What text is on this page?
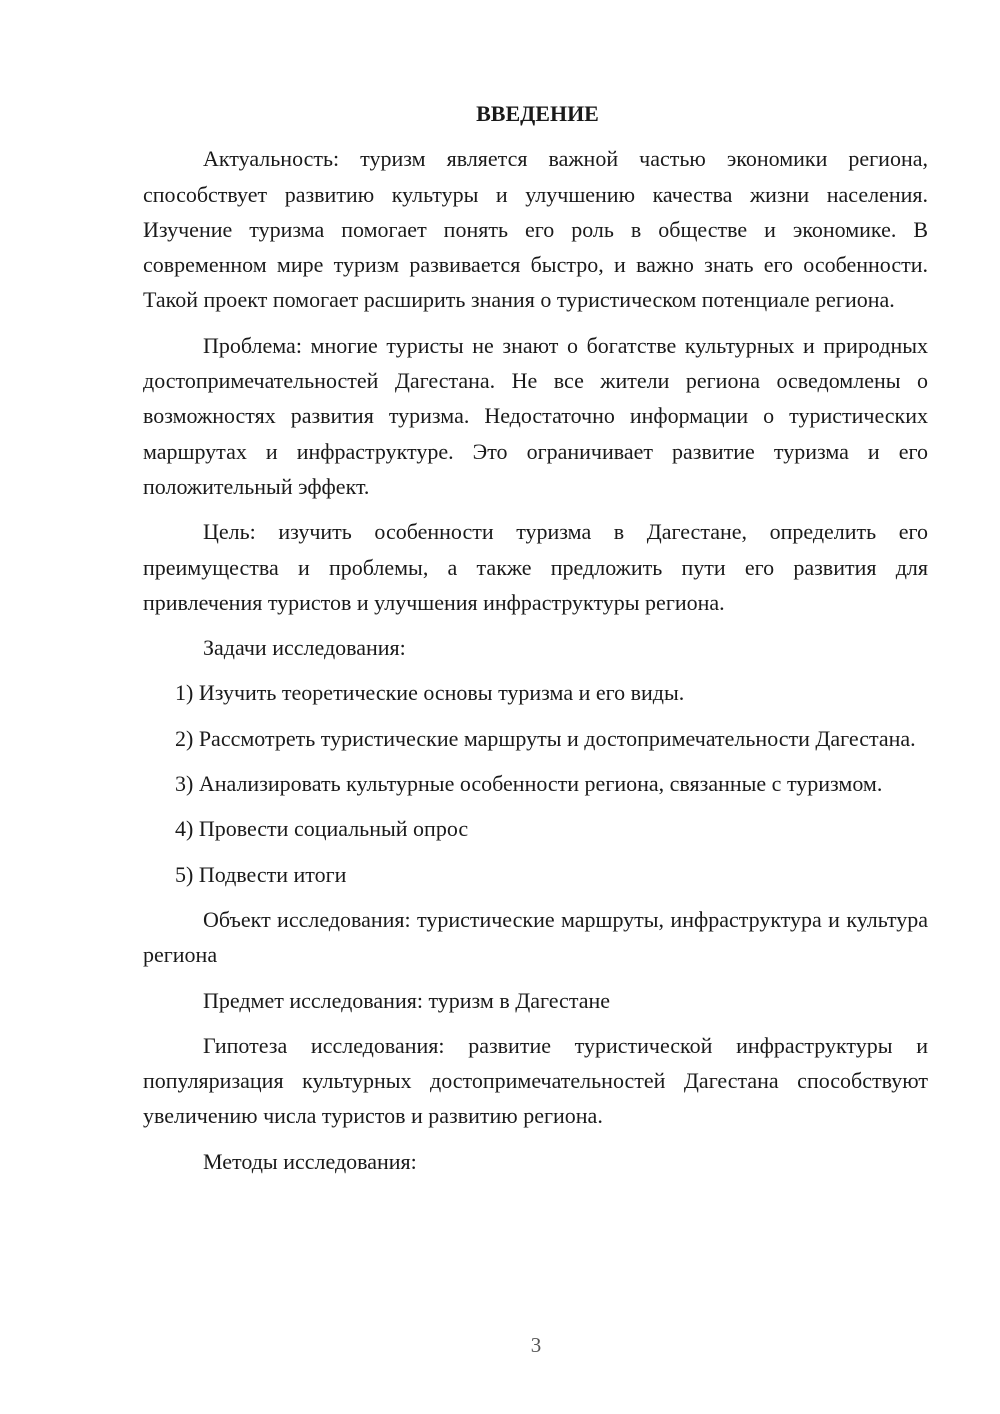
ВВЕДЕНИЕ

Актуальность: туризм является важной частью экономики региона, способствует развитию культуры и улучшению качества жизни населения. Изучение туризма помогает понять его роль в обществе и экономике. В современном мире туризм развивается быстро, и важно знать его особенности. Такой проект помогает расширить знания о туристическом потенциале региона.

Проблема: многие туристы не знают о богатстве культурных и природных достопримечательностей Дагестана. Не все жители региона осведомлены о возможностях развития туризма. Недостаточно информации о туристических маршрутах и инфраструктуре. Это ограничивает развитие туризма и его положительный эффект.

Цель: изучить особенности туризма в Дагестане, определить его преимущества и проблемы, а также предложить пути его развития для привлечения туристов и улучшения инфраструктуры региона.

Задачи исследования:

1) Изучить теоретические основы туризма и его виды.

2) Рассмотреть туристические маршруты и достопримечательности Дагестана.

3) Анализировать культурные особенности региона, связанные с туризмом.

4) Провести социальный опрос

5) Подвести итоги

Объект исследования: туристические маршруты, инфраструктура и культура региона

Предмет исследования: туризм в Дагестане

Гипотеза исследования: развитие туристической инфраструктуры и популяризация культурных достопримечательностей Дагестана способствуют увеличению числа туристов и развитию региона.

Методы исследования:

3
